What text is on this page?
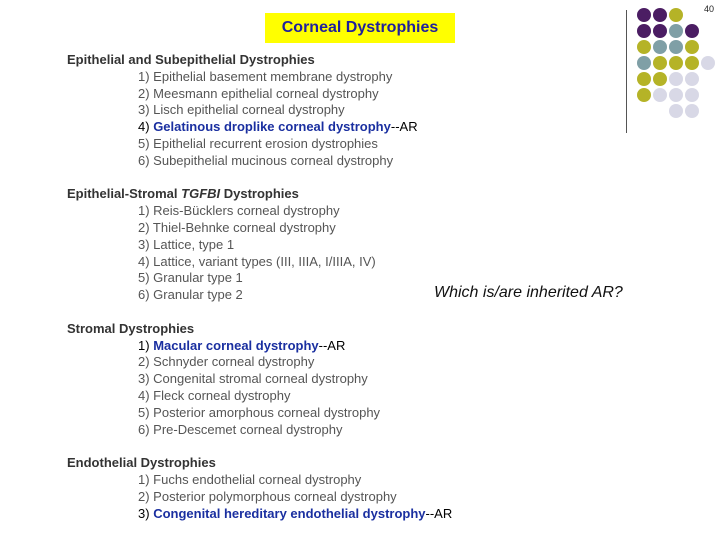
40
Corneal Dystrophies
Epithelial and Subepithelial Dystrophies
1) Epithelial basement membrane dystrophy
2) Meesmann epithelial corneal dystrophy
3) Lisch epithelial corneal dystrophy
4) Gelatinous droplike corneal dystrophy--AR
5) Epithelial recurrent erosion dystrophies
6) Subepithelial mucinous corneal dystrophy
Epithelial-Stromal TGFBI Dystrophies
1) Reis-Bücklers corneal dystrophy
2) Thiel-Behnke corneal dystrophy
3) Lattice, type 1
4) Lattice, variant types (III, IIIA, I/IIIA, IV)
5) Granular type 1
6) Granular type 2
Stromal Dystrophies
1) Macular corneal dystrophy--AR
2) Schnyder corneal dystrophy
3) Congenital stromal corneal dystrophy
4) Fleck corneal dystrophy
5) Posterior amorphous corneal dystrophy
6) Pre-Descemet corneal dystrophy
Endothelial Dystrophies
1) Fuchs endothelial corneal dystrophy
2) Posterior polymorphous corneal dystrophy
3) Congenital hereditary endothelial dystrophy--AR
Which is/are inherited AR?
